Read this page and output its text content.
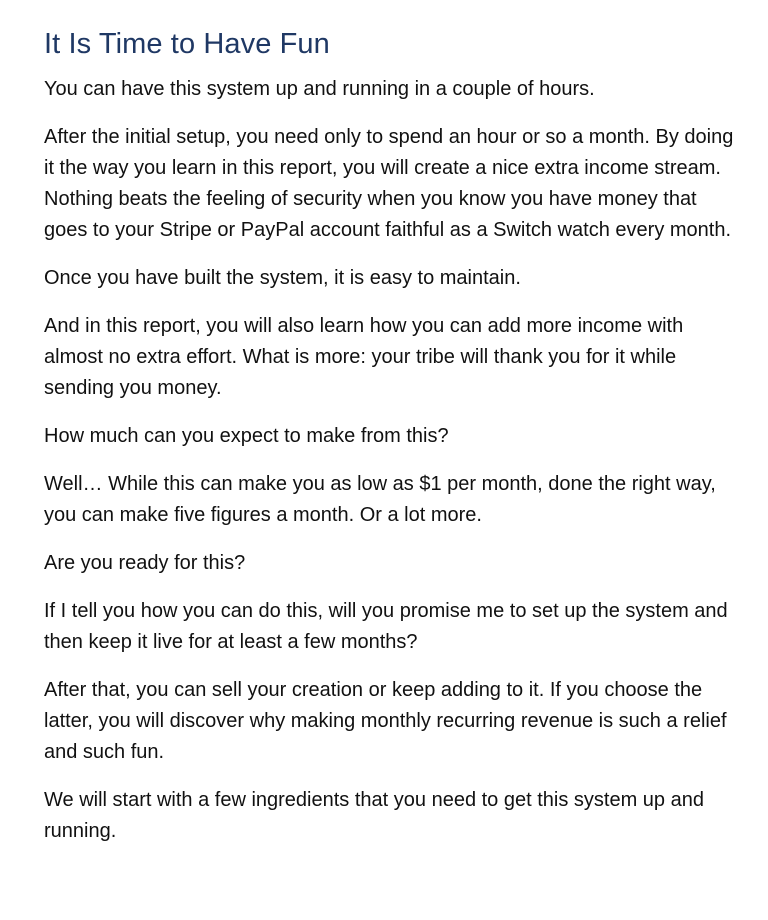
It Is Time to Have Fun

You can have this system up and running in a couple of hours.

After the initial setup, you need only to spend an hour or so a month. By doing it the way you learn in this report, you will create a nice extra income stream. Nothing beats the feeling of security when you know you have money that goes to your Stripe or PayPal account faithful as a Switch watch every month.

Once you have built the system, it is easy to maintain.

And in this report, you will also learn how you can add more income with almost no extra effort. What is more: your tribe will thank you for it while sending you money.

How much can you expect to make from this?

Well… While this can make you as low as $1 per month, done the right way, you can make five figures a month. Or a lot more.

Are you ready for this?

If I tell you how you can do this, will you promise me to set up the system and then keep it live for at least a few months?

After that, you can sell your creation or keep adding to it. If you choose the latter, you will discover why making monthly recurring revenue is such a relief and such fun.

We will start with a few ingredients that you need to get this system up and running.
